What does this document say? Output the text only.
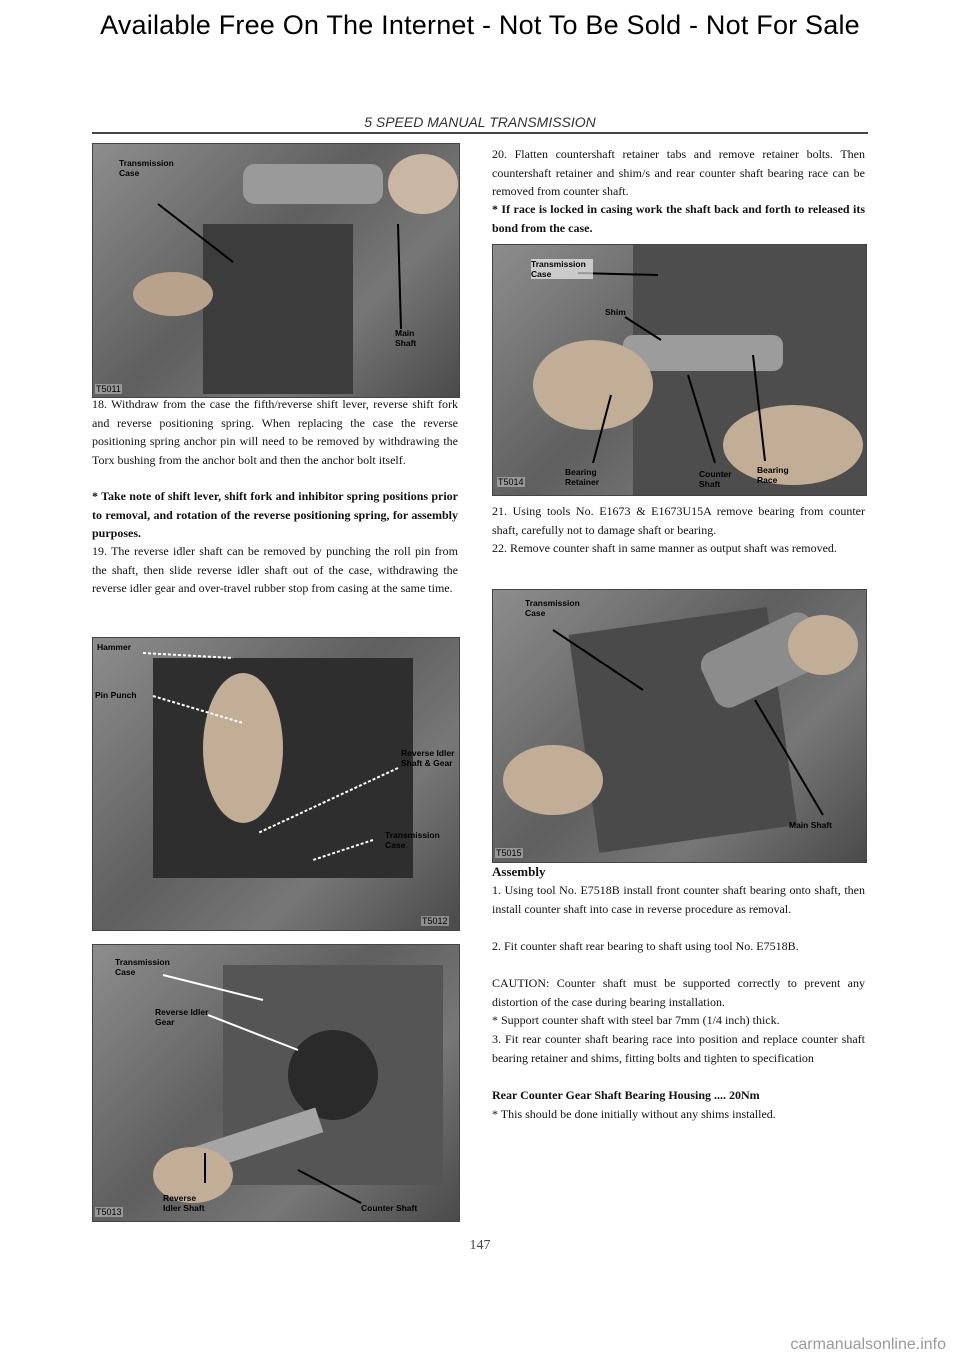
Available Free On The Internet - Not To Be Sold - Not For Sale
5 SPEED MANUAL TRANSMISSION
Transmission Case
Main Shaft
T5011
Hammer
Pin Punch
Reverse Idler Shaft & Gear
Transmission Case
T5012
Transmission Case
Reverse Idler Gear
Reverse Idler Shaft	Counter Shaft
T5013
Transmission Case
Shim
Bearing Retainer
Counter Shaft
Bearing Race
T5014
Transmission Case
Main Shaft
T5015

18. Withdraw from the case the fifth/reverse shift lever, reverse shift fork and reverse positioning spring. When replacing the case the reverse positioning spring anchor pin will need to be removed by withdrawing the Torx bushing from the anchor bolt and then the anchor bolt itself.

* Take note of shift lever, shift fork and inhibitor spring positions prior to removal, and rotation of the reverse positioning spring, for assembly purposes.

19. The reverse idler shaft can be removed by punching the roll pin from the shaft, then slide reverse idler shaft out of the case, withdrawing the reverse idler gear and over-travel rubber stop from casing at the same time.

20. Flatten countershaft retainer tabs and remove retainer bolts. Then countershaft retainer and shim/s and rear counter shaft bearing race can be removed from counter shaft.

* If race is locked in casing work the shaft back and forth to released its bond from the case.

21. Using tools No. E1673 & E1673U15A remove bearing from counter shaft, carefully not to damage shaft or bearing.

22. Remove counter shaft in same manner as output shaft was removed.

Assembly

1. Using tool No. E7518B install front counter shaft bearing onto shaft, then install counter shaft into case in reverse procedure as removal.

2. Fit counter shaft rear bearing to shaft using tool No. E7518B.

CAUTION: Counter shaft must be supported correctly to prevent any distortion of the case during bearing installation.

* Support counter shaft with steel bar 7mm (1/4 inch) thick.

3. Fit rear counter shaft bearing race into position and replace counter shaft bearing retainer and shims, fitting bolts and tighten to specification

Rear Counter Gear Shaft Bearing Housing .... 20Nm

* This should be done initially without any shims installed.

147
carmanualsonline.info
